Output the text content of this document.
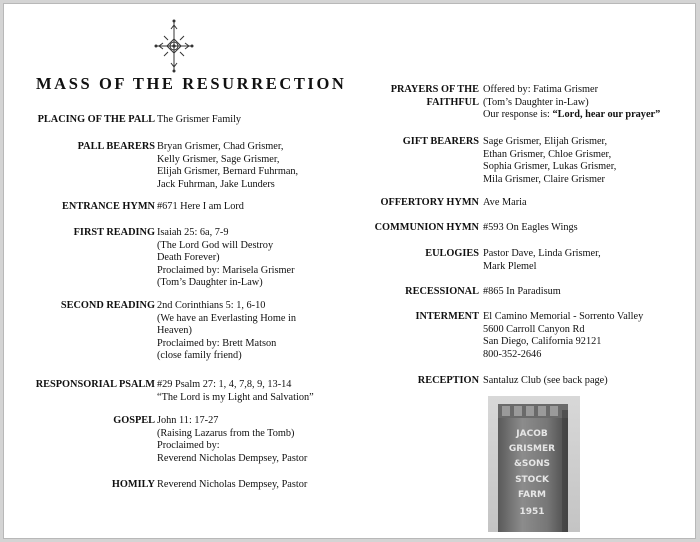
MASS OF THE RESURRECTION
PLACING OF THE PALL The Grismer Family
PALL BEARERS Bryan Grismer, Chad Grismer,
Kelly Grismer, Sage Grismer,
Elijah Grismer, Bernard Fuhrman,
Jack Fuhrman, Jake Lunders
ENTRANCE HYMN #671 Here I am Lord
FIRST READING Isaiah 25: 6a, 7-9
(The Lord God will Destroy
Death Forever)
Proclaimed by: Marisela Grismer
(Tom’s Daughter in-Law)
SECOND READING 2nd Corinthians 5: 1, 6-10
(We have an Everlasting Home in
Heaven)
Proclaimed by: Brett Matson
(close family friend)
RESPONSORIAL PSALM #29 Psalm 27: 1, 4, 7,8, 9, 13-14
“The Lord is my Light and Salvation”
GOSPEL John 11: 17-27
(Raising Lazarus from the Tomb)
Proclaimed by:
Reverend Nicholas Dempsey, Pastor
HOMILY Reverend Nicholas Dempsey, Pastor
PRAYERS OF THE
FAITHFUL
Offered by: Fatima Grismer
(Tom’s Daughter in-Law)
Our response is: “Lord, hear our prayer”
GIFT BEARERS Sage Grismer, Elijah Grismer,
Ethan Grismer, Chloe Grismer,
Sophia Grismer, Lukas Grismer,
Mila Grismer, Claire Grismer
OFFERTORY HYMN Ave Maria
COMMUNION HYMN #593 On Eagles Wings
EULOGIES Pastor Dave, Linda Grismer,
Mark Plemel
RECESSIONAL #865 In Paradisum
INTERMENT El Camino Memorial - Sorrento Valley
5600 Carroll Canyon Rd
San Diego, California 92121
800-352-2646
RECEPTION Santaluz Club (see back page)
JACOB
GRISMER
&SONS
STOCK
FARM
1951
